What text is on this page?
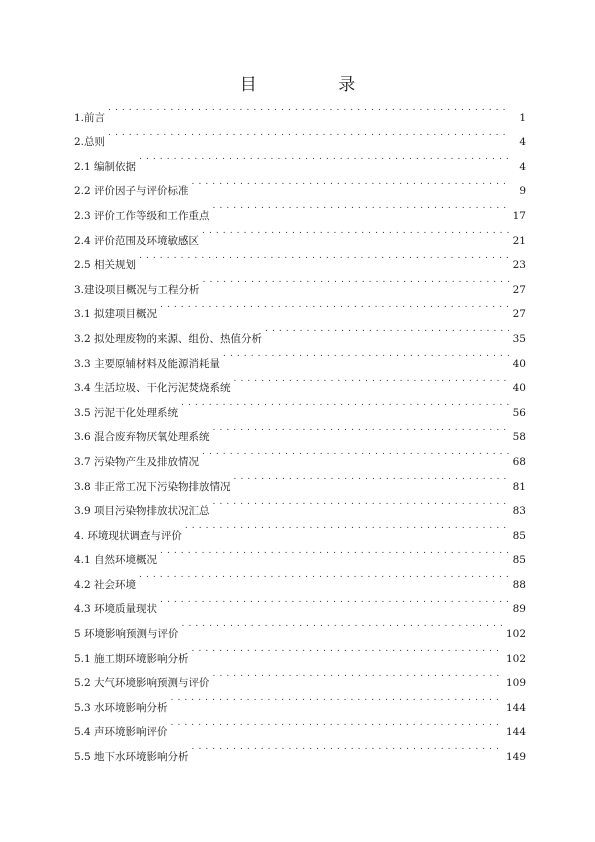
目 录
1.前言 . . .	1
2.总则 . . .	4
2.1 编制依据 . . .	4
2.2 评价因子与评价标准 . . .	9
2.3 评价工作等级和工作重点 . . .	17
2.4 评价范围及环境敏感区 . . .	21
2.5 相关规划 . . .	23
3.建设项目概况与工程分析 . . .	27
3.1 拟建项目概况 . . .	27
3.2 拟处理废物的来源、组份、热值分析 . . .	35
3.3 主要原辅材料及能源消耗量 . . .	40
3.4 生活垃圾、干化污泥焚烧系统 . . .	40
3.5 污泥干化处理系统 . . .	56
3.6 混合废弃物厌氧处理系统 . . .	58
3.7 污染物产生及排放情况 . . .	68
3.8 非正常工况下污染物排放情况 . . .	81
3.9 项目污染物排放状况汇总 . . .	83
4. 环境现状调查与评价 . . .	85
4.1 自然环境概况 . . .	85
4.2 社会环境 . . .	88
4.3 环境质量现状 . . .	89
5 环境影响预测与评价 . . .	102
5.1 施工期环境影响分析 . . .	102
5.2 大气环境影响预测与评价 . . .	109
5.3 水环境影响分析 . . .	144
5.4 声环境影响评价 . . .	144
5.5 地下水环境影响分析 . . .	149
